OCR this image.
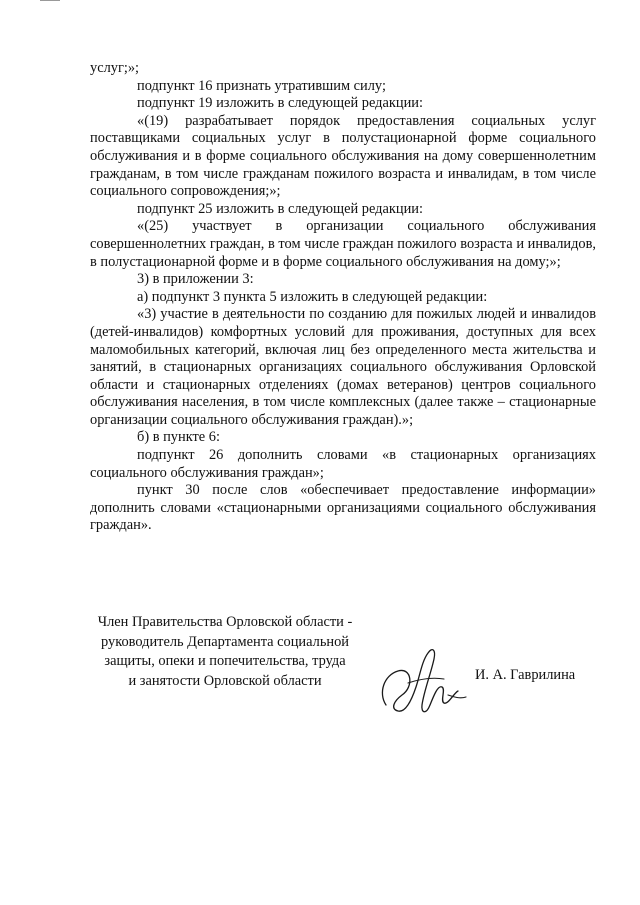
услуг;»;

подпункт 16 признать утратившим силу;

подпункт 19 изложить в следующей редакции:

«(19) разрабатывает порядок предоставления социальных услуг поставщиками социальных услуг в полустационарной форме социального обслуживания и в форме социального обслуживания на дому совершеннолетним гражданам, в том числе гражданам пожилого возраста и инвалидам, в том числе социального сопровождения;»;

подпункт 25 изложить в следующей редакции:

«(25) участвует в организации социального обслуживания совершеннолетних граждан, в том числе граждан пожилого возраста и инвалидов, в полустационарной форме и в форме социального обслуживания на дому;»;

3) в приложении 3:

а) подпункт 3 пункта 5 изложить в следующей редакции:

«3) участие в деятельности по созданию для пожилых людей и инвалидов (детей-инвалидов) комфортных условий для проживания, доступных для всех маломобильных категорий, включая лиц без определенного места жительства и занятий, в стационарных организациях социального обслуживания Орловской области и стационарных отделениях (домах ветеранов) центров социального обслуживания населения, в том числе комплексных (далее также – стационарные организации социального обслуживания граждан).»;

б) в пункте 6:

подпункт 26 дополнить словами «в стационарных организациях социального обслуживания граждан»;

пункт 30 после слов «обеспечивает предоставление информации» дополнить словами «стационарными организациями социального обслуживания граждан».

Член Правительства Орловской области -
руководитель Департамента социальной
защиты, опеки и попечительства, труда
и занятости Орловской области	И. А. Гаврилина
